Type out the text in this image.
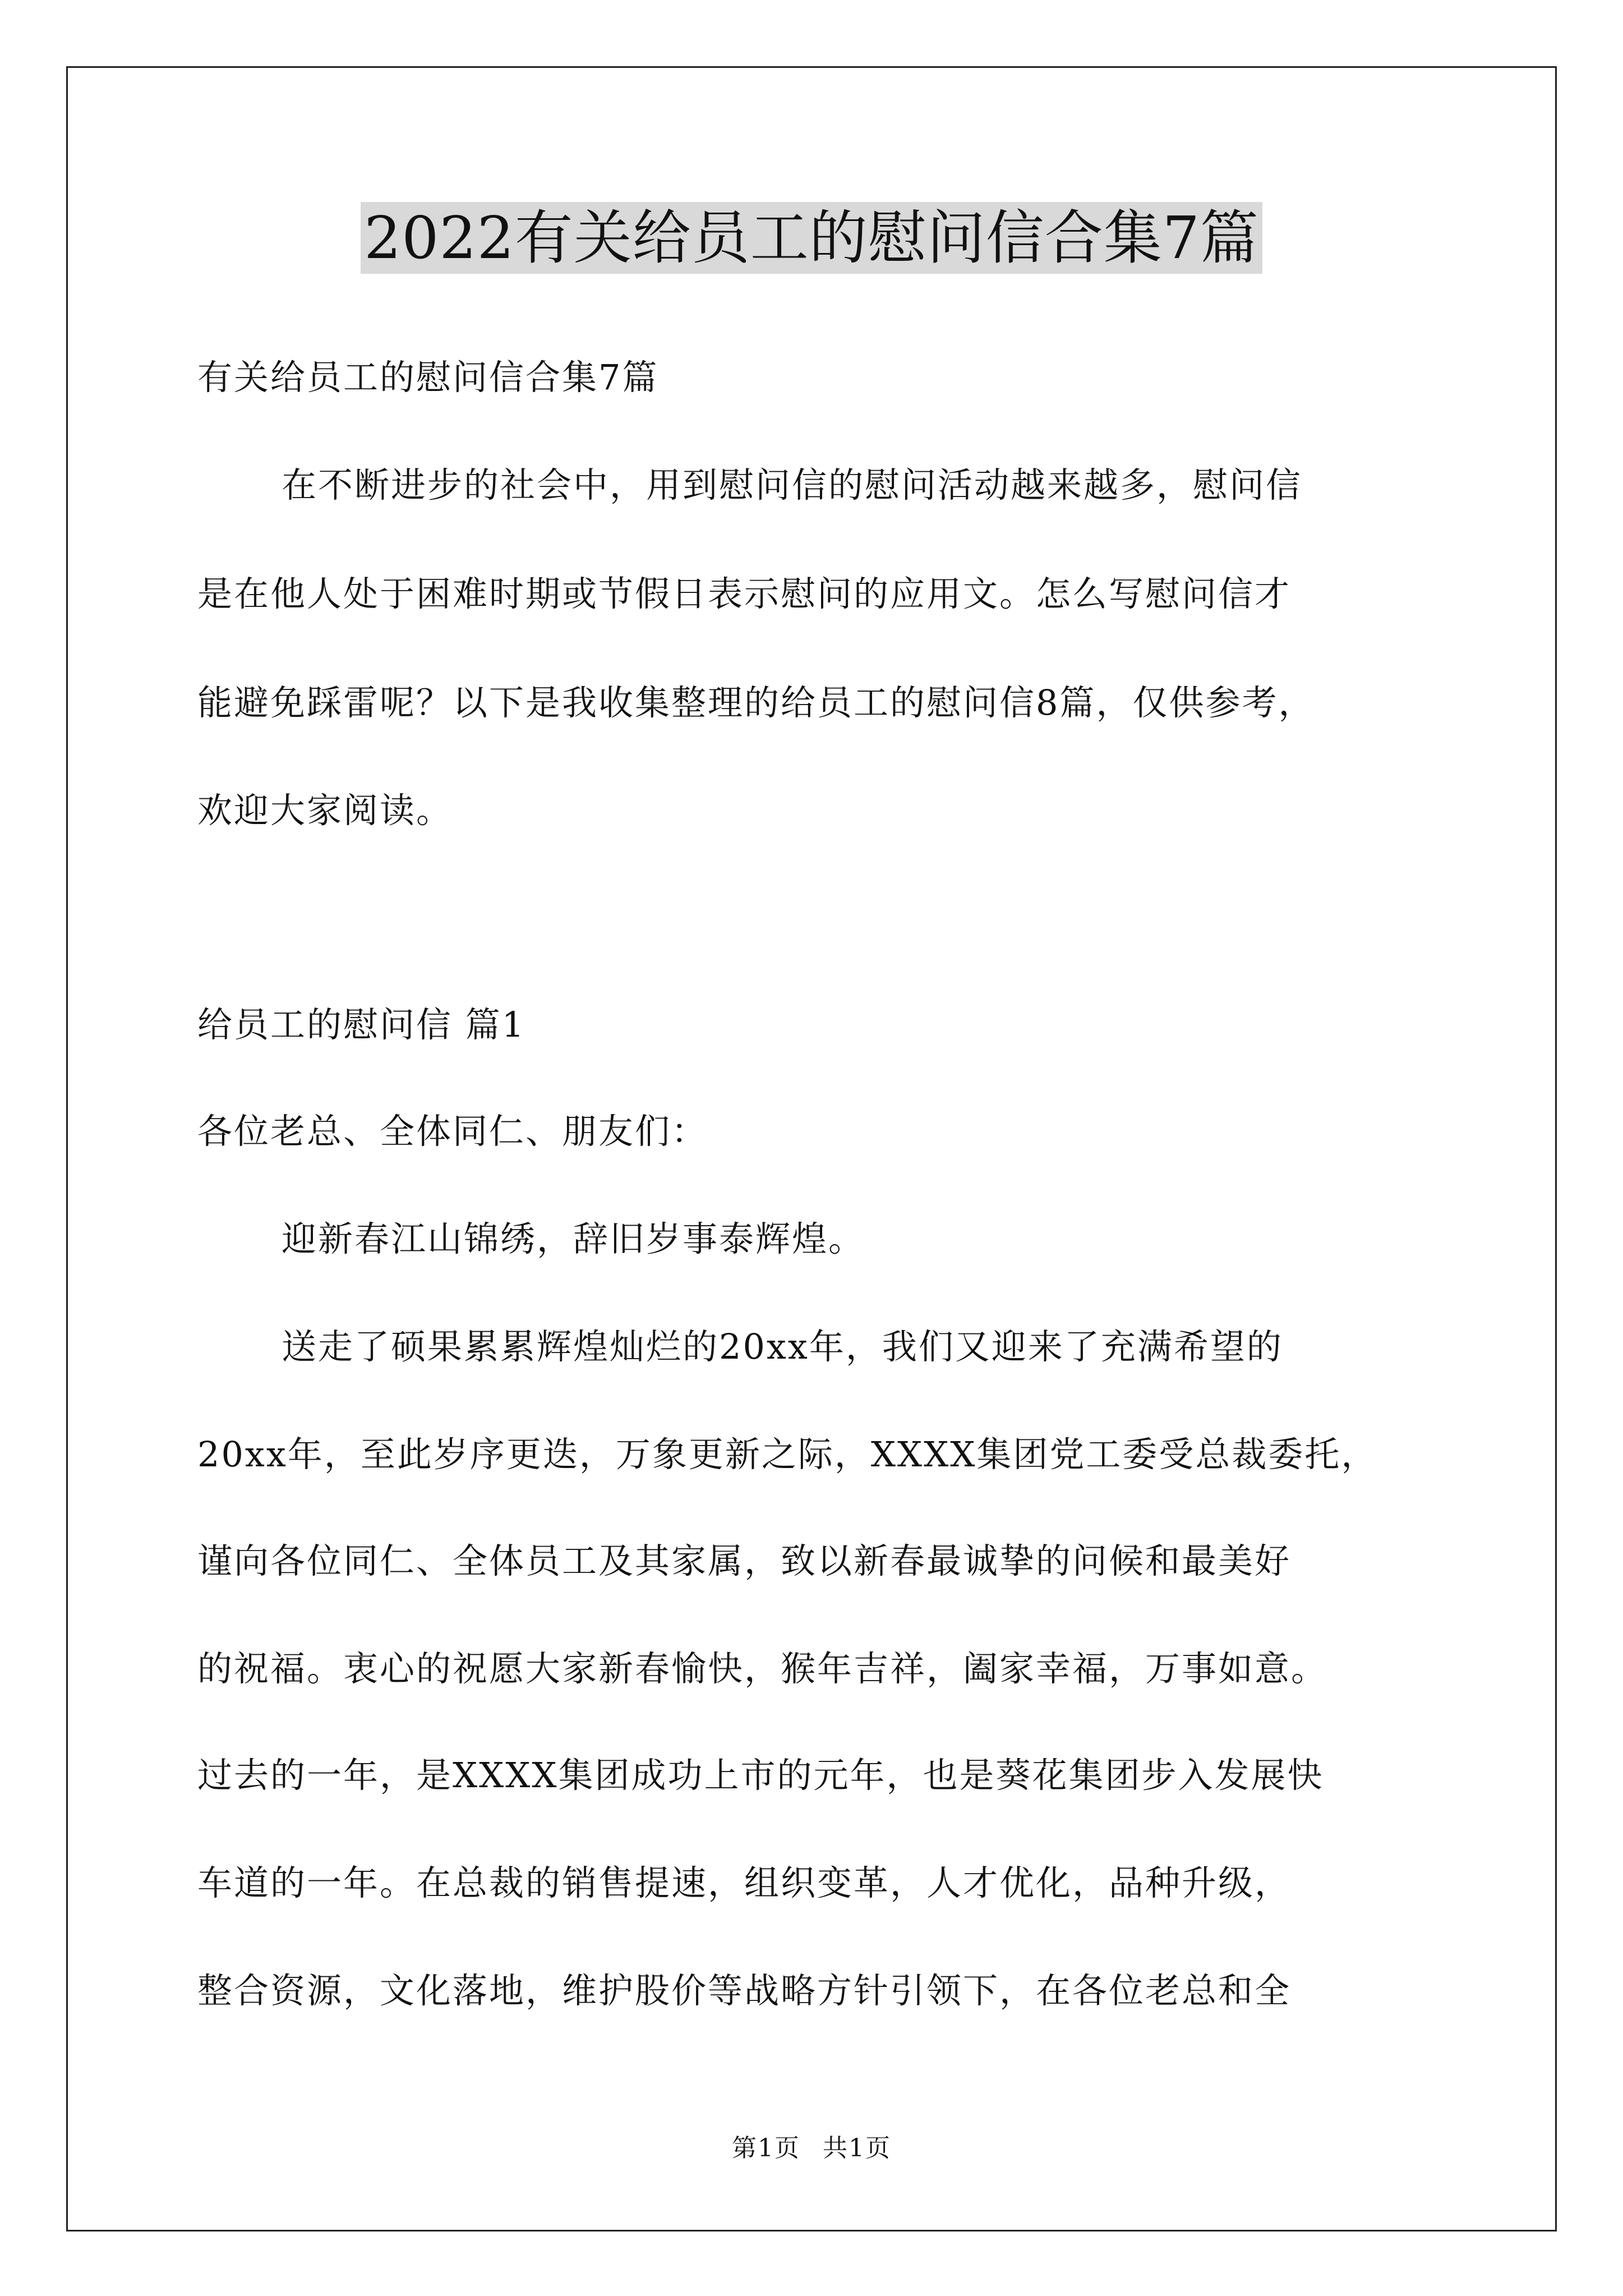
2022有关给员工的慰问信合集7篇
有关给员工的慰问信合集7篇
在不断进步的社会中，用到慰问信的慰问活动越来越多，慰问信
是在他人处于困难时期或节假日表示慰问的应用文。怎么写慰问信才
能避免踩雷呢？以下是我收集整理的给员工的慰问信8篇，仅供参考，
欢迎大家阅读。
给员工的慰问信 篇1
各位老总、全体同仁、朋友们：
迎新春江山锦绣，辞旧岁事泰辉煌。
送走了硕果累累辉煌灿烂的20xx年，我们又迎来了充满希望的
20xx年，至此岁序更迭，万象更新之际，XXXX集团党工委受总裁委托，
谨向各位同仁、全体员工及其家属，致以新春最诚挚的问候和最美好
的祝福。衷心的祝愿大家新春愉快，猴年吉祥，阖家幸福，万事如意。
过去的一年，是XXXX集团成功上市的元年，也是葵花集团步入发展快
车道的一年。在总裁的销售提速，组织变革，人才优化，品种升级，
整合资源，文化落地，维护股价等战略方针引领下，在各位老总和全
第1页 共1页
